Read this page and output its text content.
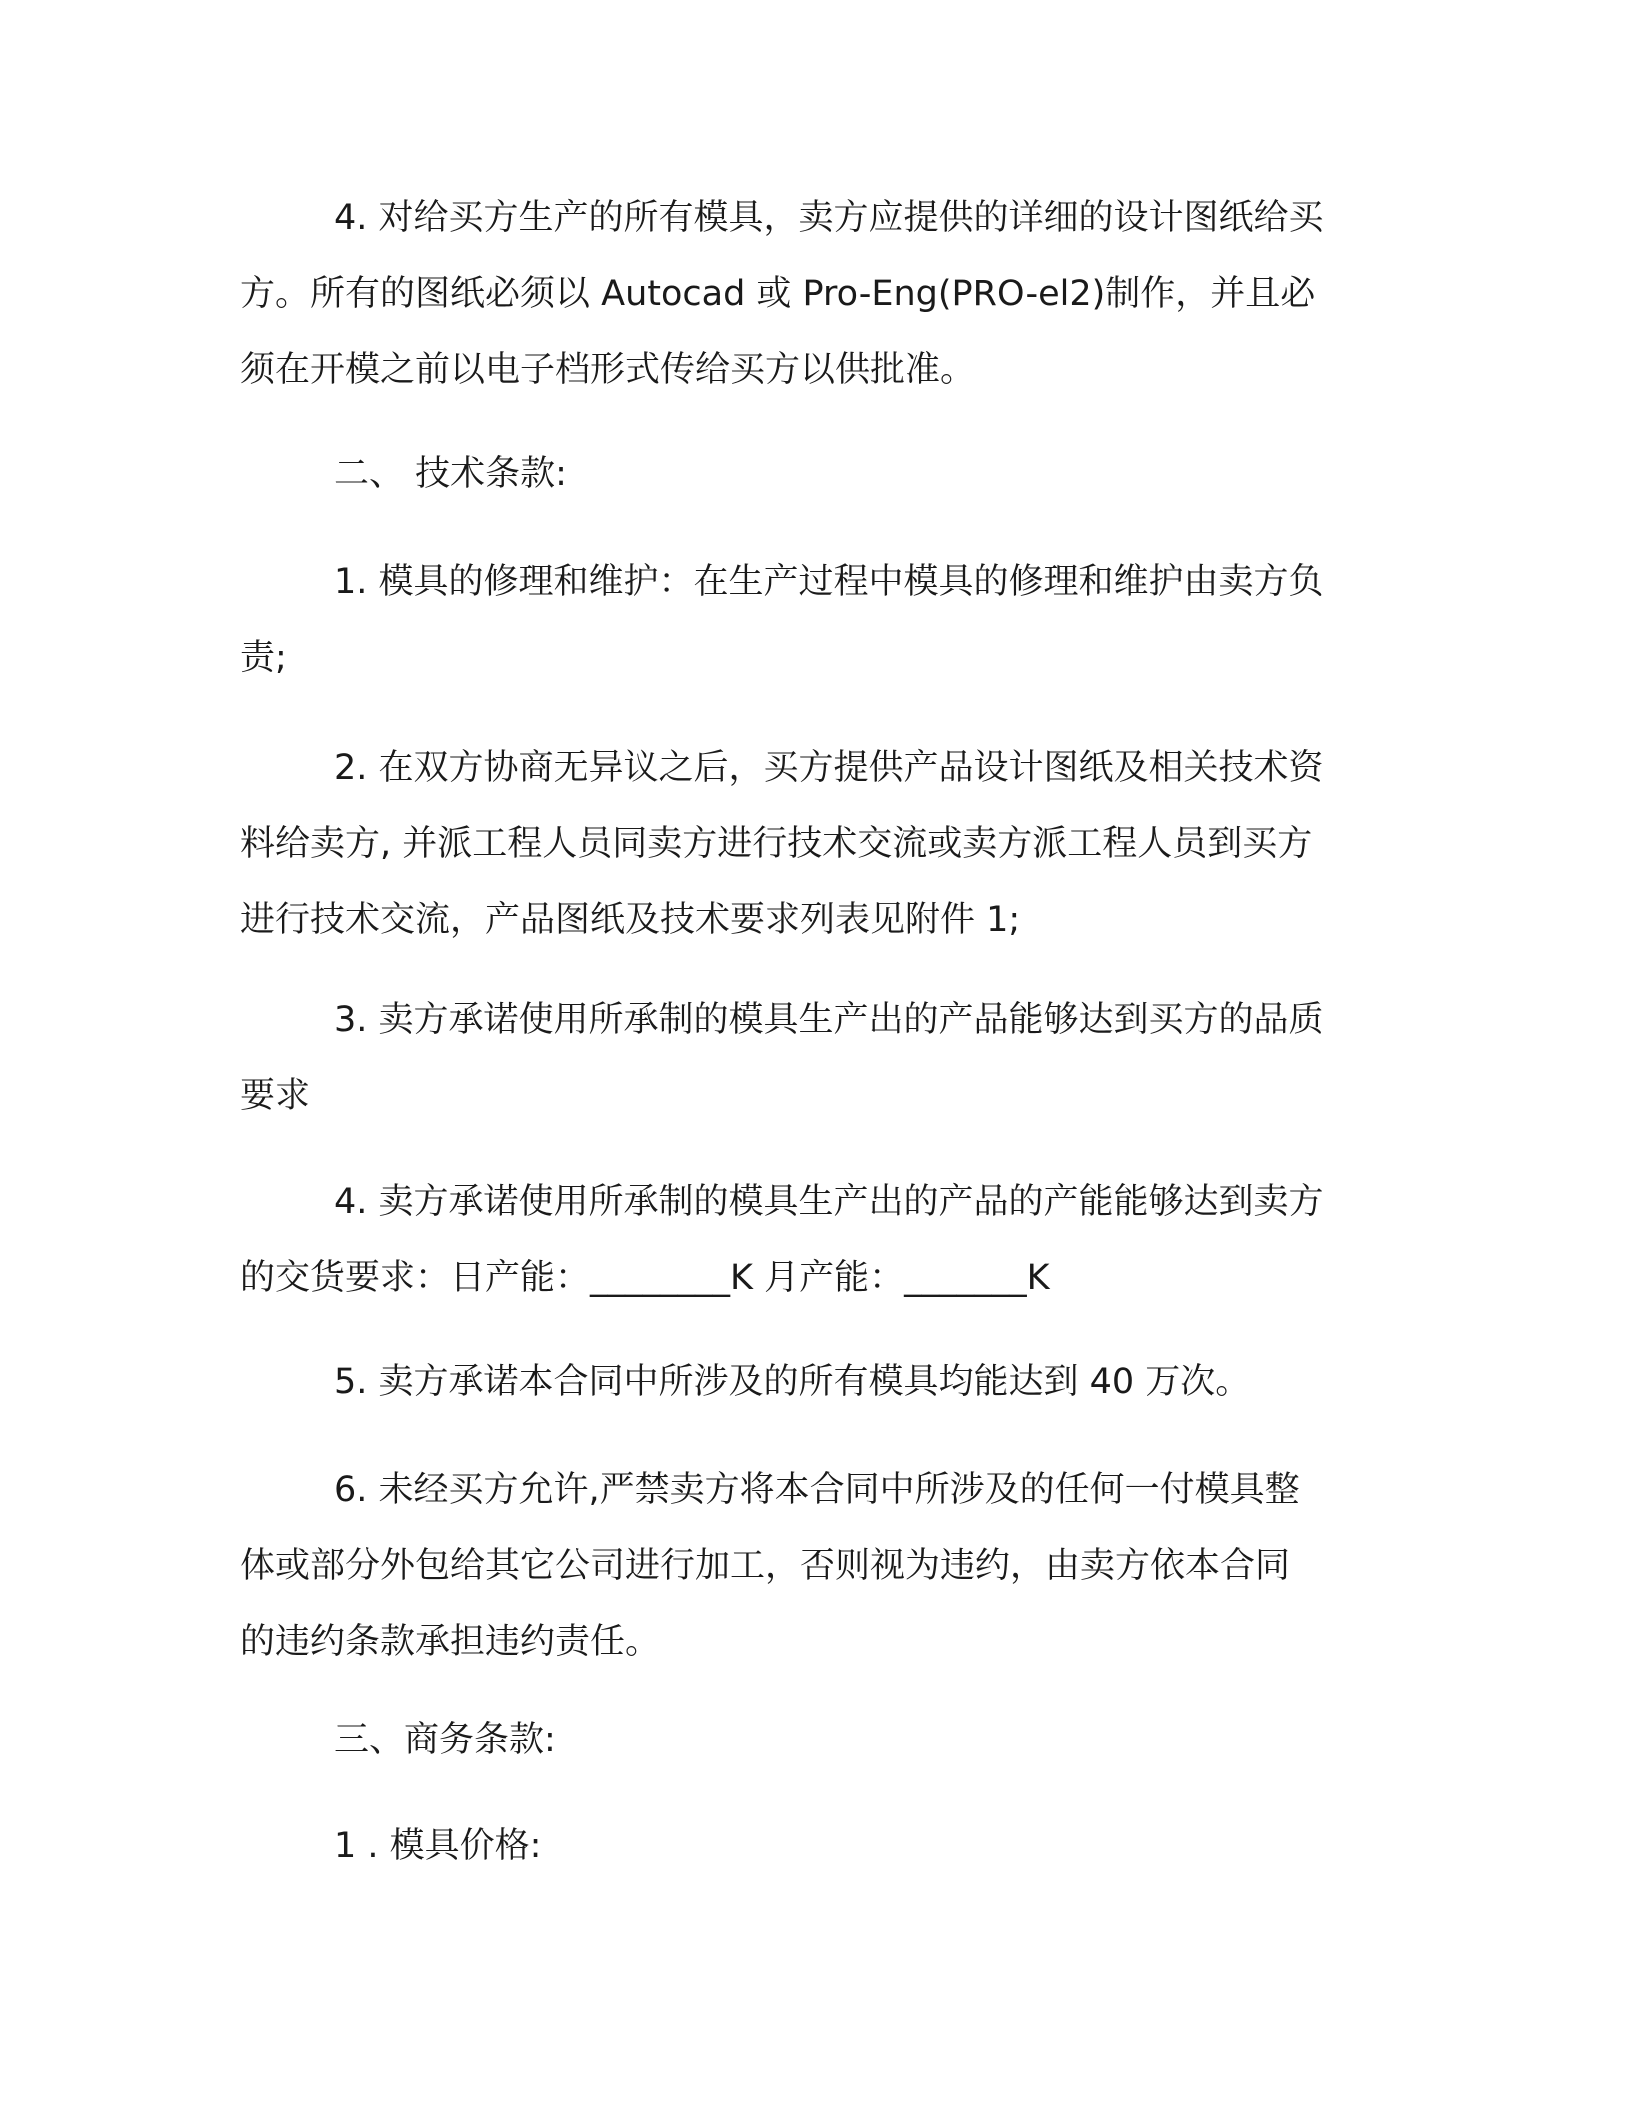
4. 对给买方生产的所有模具，卖方应提供的详细的设计图纸给买
方。所有的图纸必须以 Autocad 或 Pro-Eng(PRO-el2)制作，并且必
须在开模之前以电子档形式传给买方以供批准。
二、 技术条款:
1. 模具的修理和维护：在生产过程中模具的修理和维护由卖方负
责;
2. 在双方协商无异议之后，买方提供产品设计图纸及相关技术资
料给卖方, 并派工程人员同卖方进行技术交流或卖方派工程人员到买方
进行技术交流，产品图纸及技术要求列表见附件 1;
3. 卖方承诺使用所承制的模具生产出的产品能够达到买方的品质
要求
4. 卖方承诺使用所承制的模具生产出的产品的产能能够达到卖方
的交货要求：日产能：________K 月产能：_______K
5. 卖方承诺本合同中所涉及的所有模具均能达到 40 万次。
6. 未经买方允许,严禁卖方将本合同中所涉及的任何一付模具整
体或部分外包给其它公司进行加工，否则视为违约，由卖方依本合同
的违约条款承担违约责任。
三、商务条款:
1 . 模具价格:
